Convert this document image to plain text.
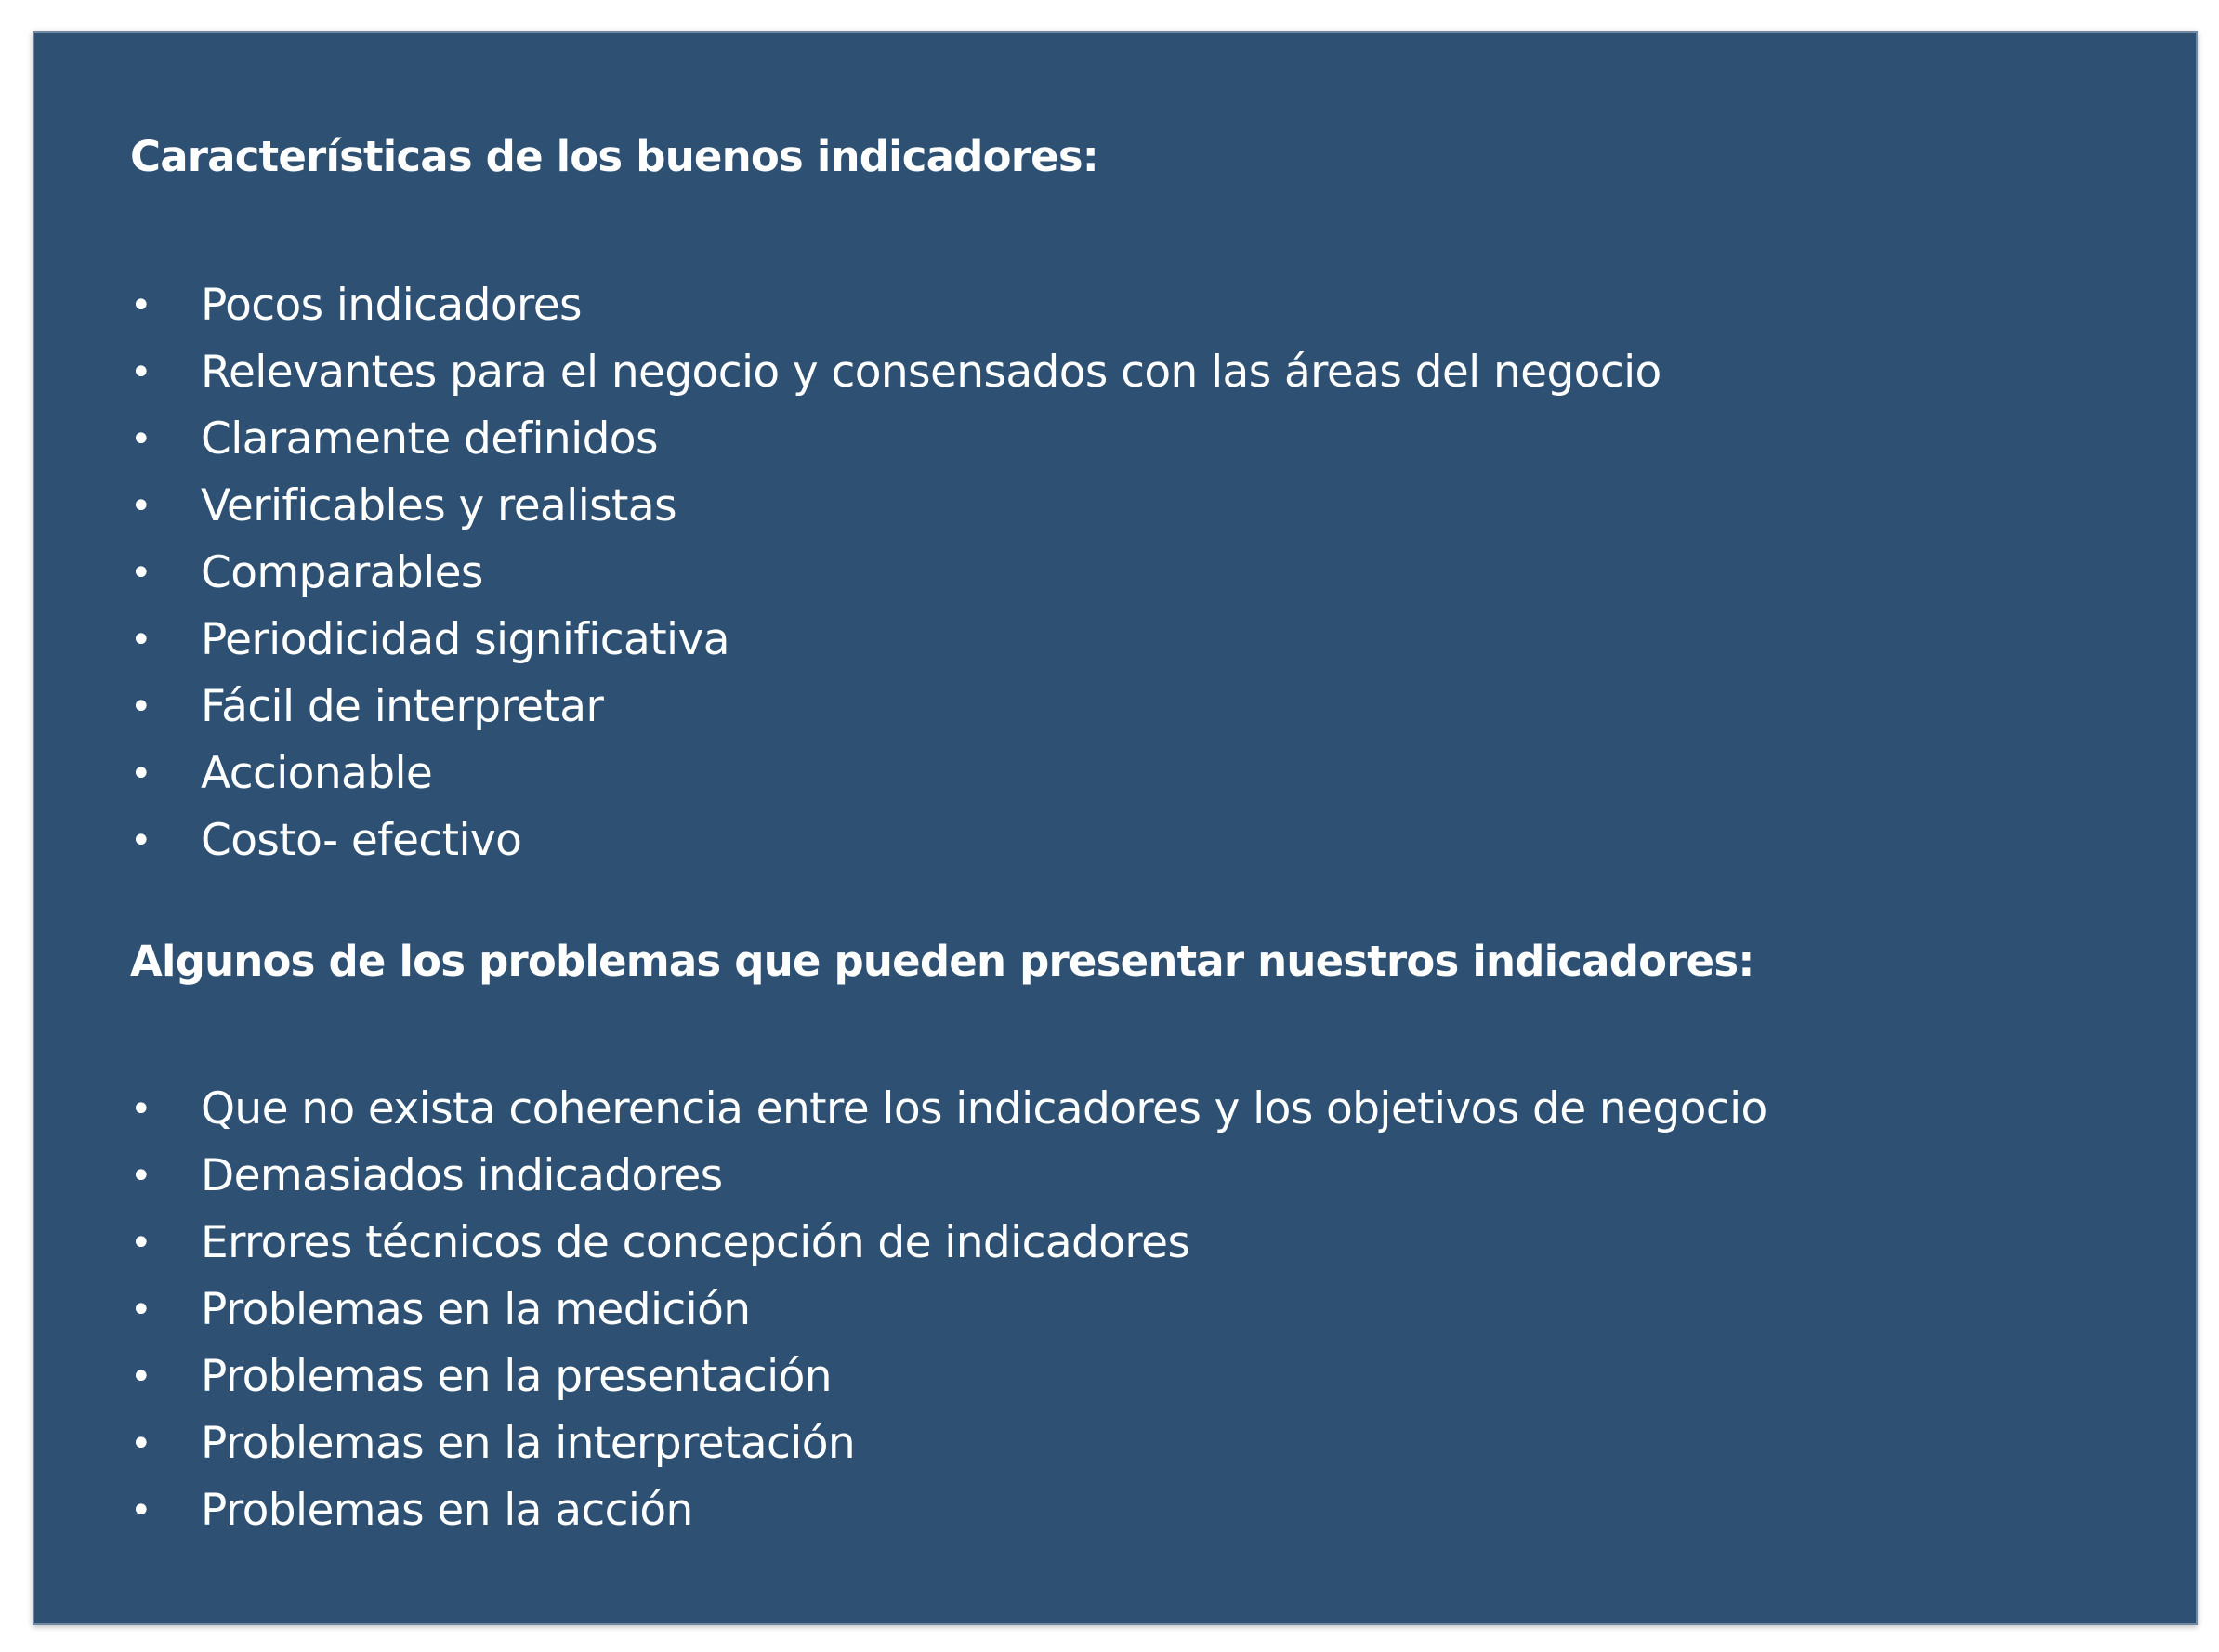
Características de los buenos indicadores:
•	Pocos indicadores
•	Relevantes para el negocio y consensados con las áreas del negocio
•	Claramente definidos
•	Verificables y realistas
•	Comparables
•	Periodicidad significativa
•	Fácil de interpretar
•	Accionable
•	Costo- efectivo
Algunos de los problemas que pueden presentar nuestros indicadores:
•	Que no exista coherencia entre los indicadores y los objetivos de negocio
•	Demasiados indicadores
•	Errores técnicos de concepción de indicadores
•	Problemas en la medición
•	Problemas en la presentación
•	Problemas en la interpretación
•	Problemas en la acción
